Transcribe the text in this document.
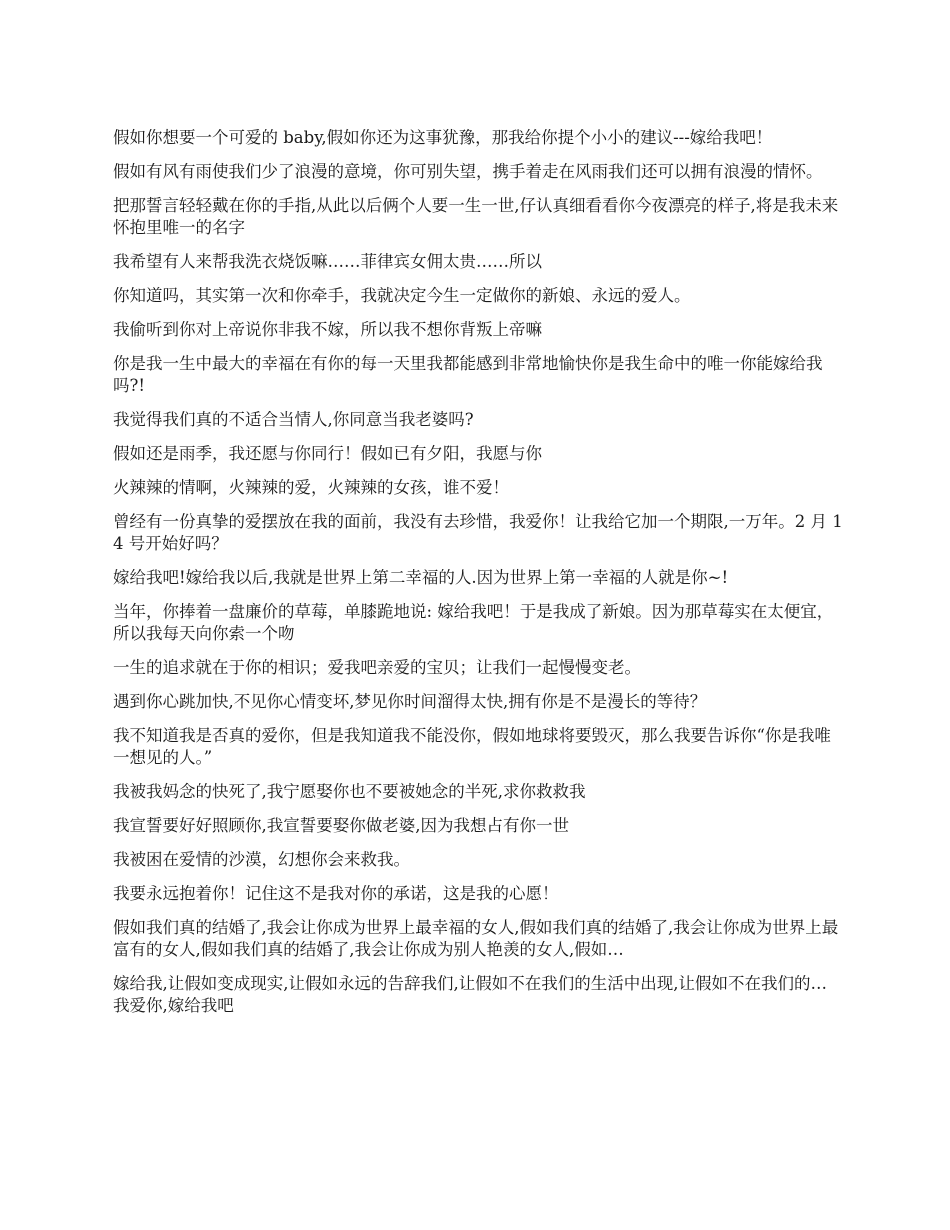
假如你想要一个可爱的 baby,假如你还为这事犹豫，那我给你提个小小的建议---嫁给我吧！

假如有风有雨使我们少了浪漫的意境，你可别失望，携手着走在风雨我们还可以拥有浪漫的情怀。

把那誓言轻轻戴在你的手指,从此以后俩个人要一生一世,仔认真细看看你今夜漂亮的样子,将是我未来怀抱里唯一的名字

我希望有人来帮我洗衣烧饭嘛……菲律宾女佣太贵……所以

你知道吗，其实第一次和你牵手，我就决定今生一定做你的新娘、永远的爱人。

我偷听到你对上帝说你非我不嫁，所以我不想你背叛上帝嘛

你是我一生中最大的幸福在有你的每一天里我都能感到非常地愉快你是我生命中的唯一你能嫁给我吗?!

我觉得我们真的不适合当情人,你同意当我老婆吗?

假如还是雨季，我还愿与你同行！假如已有夕阳，我愿与你

火辣辣的情啊，火辣辣的爱，火辣辣的女孩，谁不爱！

曾经有一份真挚的爱摆放在我的面前，我没有去珍惜，我爱你！让我给它加一个期限,一万年。2 月 14 号开始好吗？

嫁给我吧!嫁给我以后,我就是世界上第二幸福的人.因为世界上第一幸福的人就是你~!

当年，你捧着一盘廉价的草莓，单膝跪地说: 嫁给我吧！于是我成了新娘。因为那草莓实在太便宜，所以我每天向你索一个吻

一生的追求就在于你的相识；爱我吧亲爱的宝贝；让我们一起慢慢变老。

遇到你心跳加快,不见你心情变坏,梦见你时间溜得太快,拥有你是不是漫长的等待？

我不知道我是否真的爱你，但是我知道我不能没你，假如地球将要毁灭，那么我要告诉你“你是我唯一想见的人。”

我被我妈念的快死了,我宁愿娶你也不要被她念的半死,求你救救我

我宣誓要好好照顾你,我宣誓要娶你做老婆,因为我想占有你一世

我被困在爱情的沙漠，幻想你会来救我。

我要永远抱着你！记住这不是我对你的承诺，这是我的心愿！

假如我们真的结婚了,我会让你成为世界上最幸福的女人,假如我们真的结婚了,我会让你成为世界上最富有的女人,假如我们真的结婚了,我会让你成为别人艳羡的女人,假如…

嫁给我,让假如变成现实,让假如永远的告辞我们,让假如不在我们的生活中出现,让假如不在我们的…我爱你,嫁给我吧
